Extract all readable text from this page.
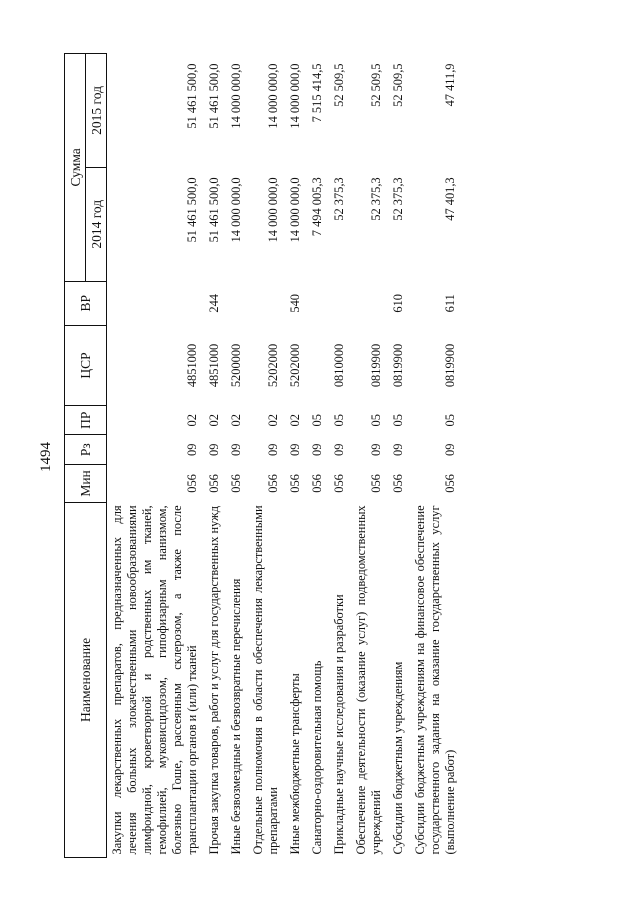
1494
Наименование	Мин	Рз	ПР	ЦСР	ВР	Сумма	
						2014 год	2015 год
Закупки лекарственных препаратов, предназначенных для лечения больных злокачественными новообразованиями лимфоидной, кроветворной и родственных им тканей, гемофилией, муковисцидозом, гипофизарным нанизмом, болезнью Гоше, рассеянным склерозом, а также после трансплантации органов и (или) тканей	056	09	02	4851000		51 461 500,0	51 461 500,0
Прочая закупка товаров, работ и услуг для государственных нужд	056	09	02	4851000	244	51 461 500,0	51 461 500,0
Иные безвозмездные и безвозвратные перечисления	056	09	02	5200000		14 000 000,0	14 000 000,0
Отдельные полномочия в области обеспечения лекарственными препаратами	056	09	02	5202000		14 000 000,0	14 000 000,0
Иные межбюджетные трансферты	056	09	02	5202000	540	14 000 000,0	14 000 000,0
Санаторно-оздоровительная помощь	056	09	05			7 494 005,3	7 515 414,5
Прикладные научные исследования и разработки	056	09	05	0810000		52 375,3	52 509,5
Обеспечение деятельности (оказание услуг) подведомственных учреждений	056	09	05	0819900		52 375,3	52 509,5
Субсидии бюджетным учреждениям	056	09	05	0819900	610	52 375,3	52 509,5
Субсидии бюджетным учреждениям на финансовое обеспечение государственного задания на оказание государственных услуг (выполнение работ)	056	09	05	0819900	611	47 401,3	47 411,9
